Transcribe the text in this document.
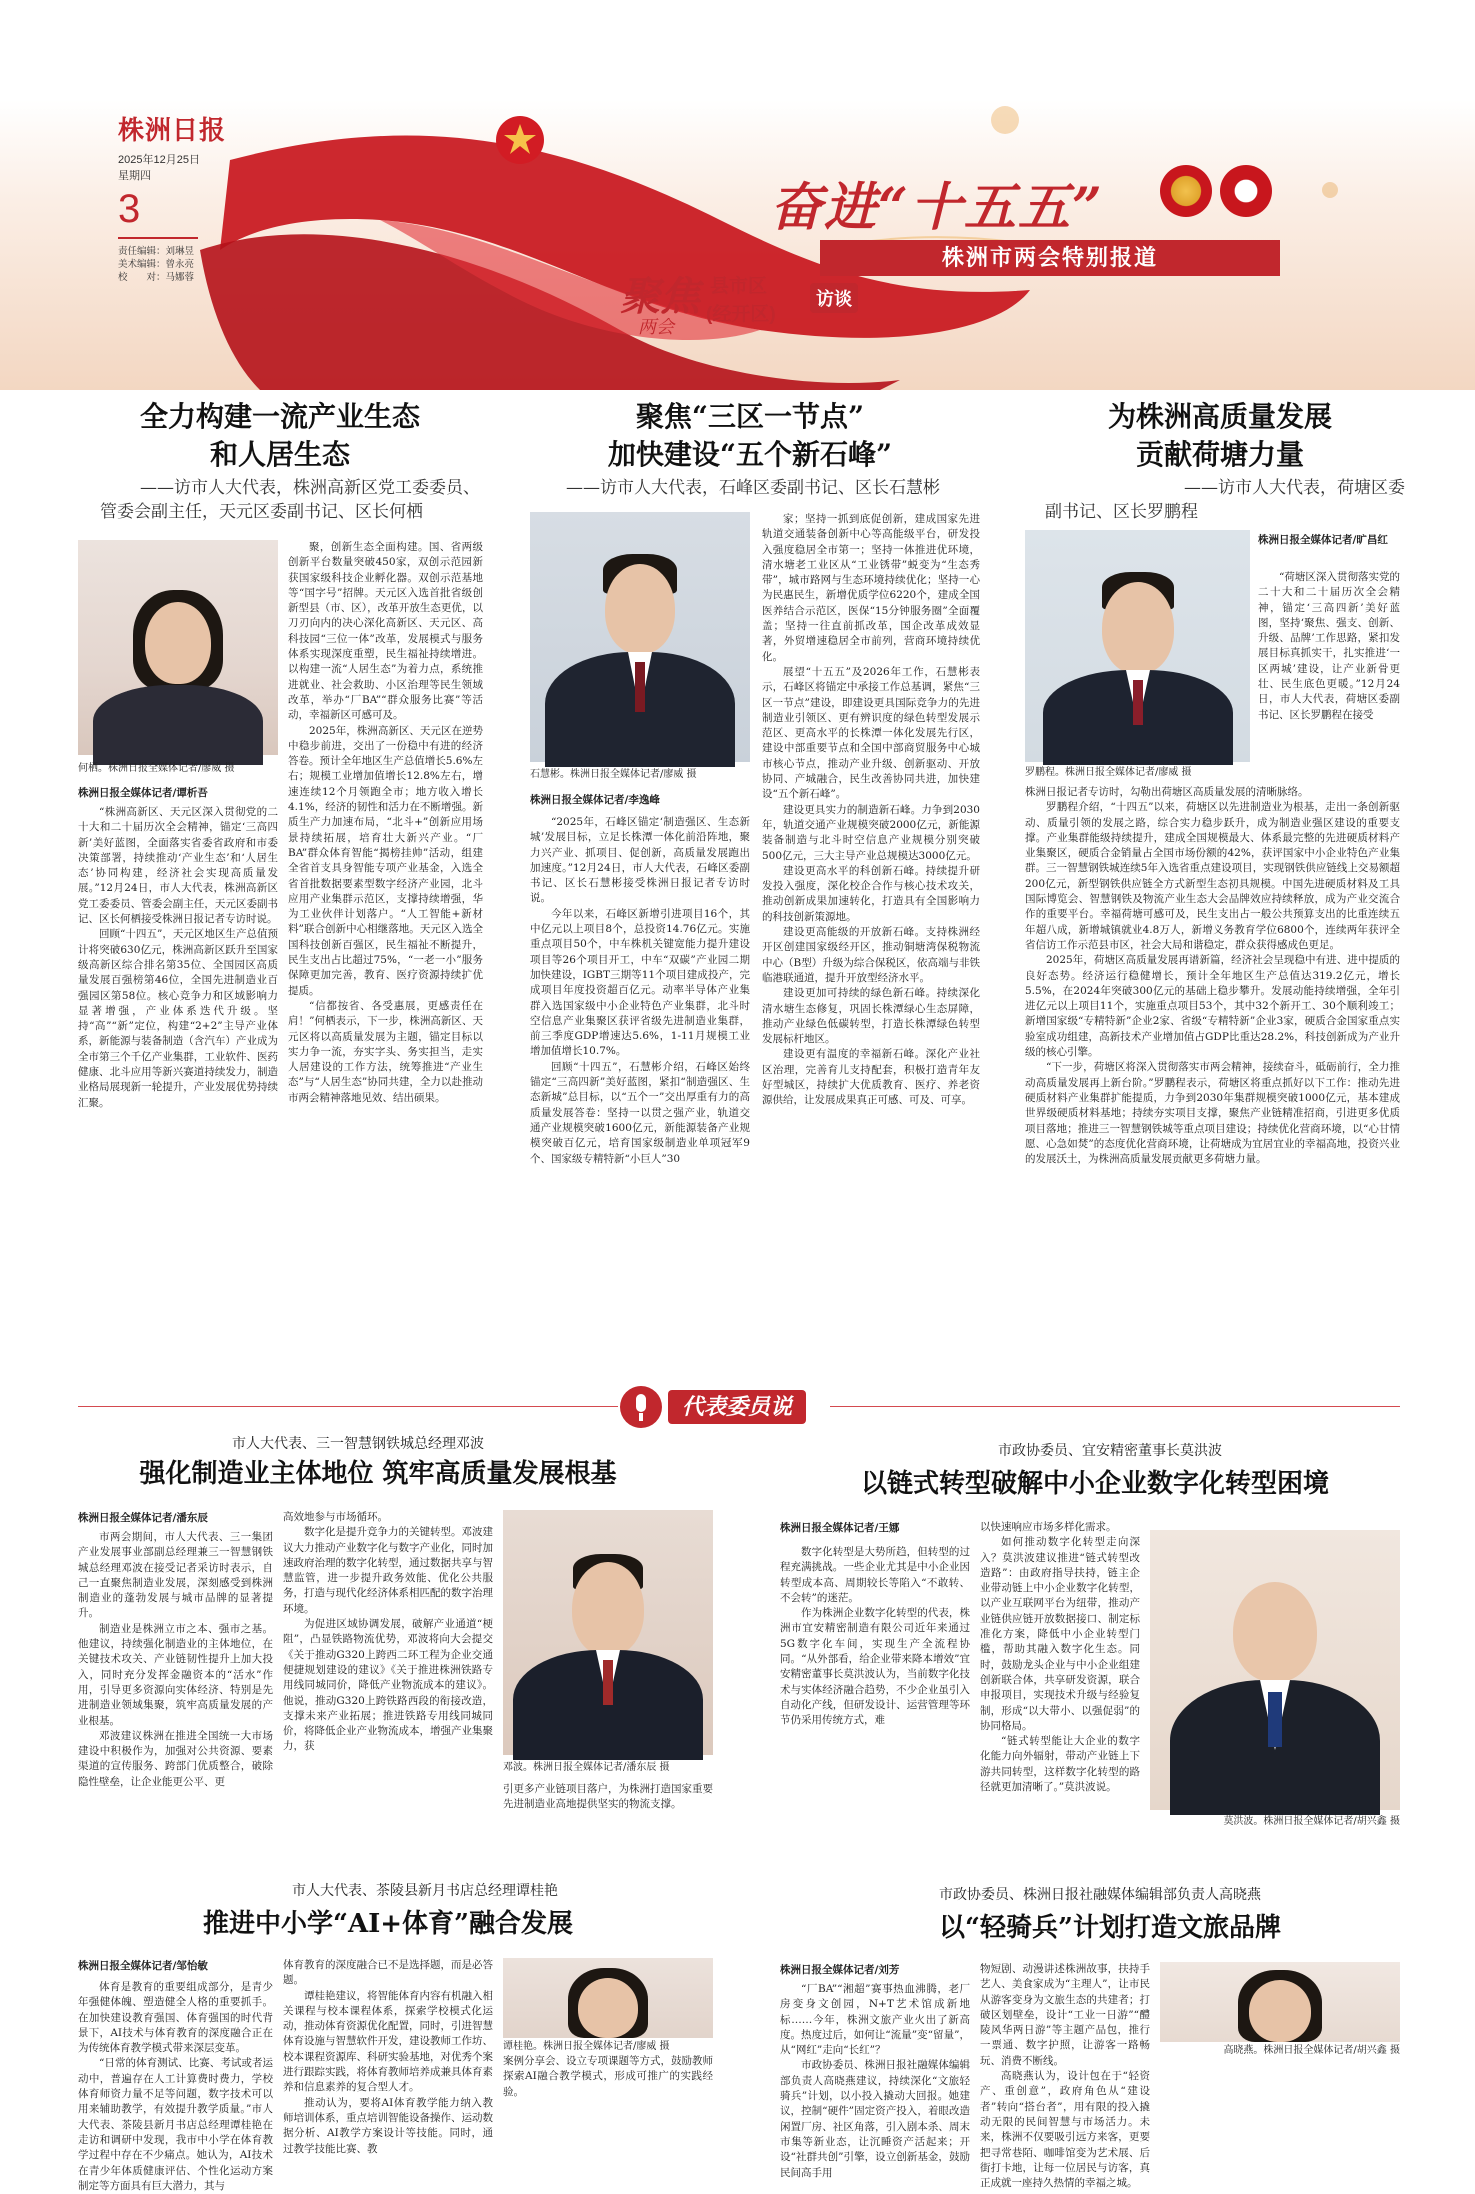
株洲日报
2025年12月25日
星期四
3
责任编辑：刘琳昱
美术编辑：曾永亮
校　　对：马娜蓉
奋进“十五五”
株洲市两会特别报道
聚焦
两会
县市区
(经开区)
访谈
全力构建一流产业生态
和人居生态
——访市人大代表，株洲高新区党工委委员、
管委会副主任，天元区委副书记、区长何栖
何栖。株洲日报全媒体记者/廖威 摄
株洲日报全媒体记者/谭析吾

“株洲高新区、天元区深入贯彻党的二十大和二十届历次全会精神，锚定‘三高四新’美好蓝图，全面落实省委省政府和市委决策部署，持续推动‘产业生态’和‘人居生态’协同构建，经济社会实现高质量发展。”12月24日，市人大代表，株洲高新区党工委委员、管委会副主任，天元区委副书记、区长何栖接受株洲日报记者专访时说。

回顾“十四五”，天元区地区生产总值预计将突破630亿元，株洲高新区跃升至国家级高新区综合排名第35位、全国园区高质量发展百强榜第46位，全国先进制造业百强园区第58位。核心竞争力和区域影响力显著增强，产业体系迭代升级。坚持“高”“新”定位，构建“2+2”主导产业体系，新能源与装备制造（含汽车）产业成为全市第三个千亿产业集群，工业软件、医药健康、北斗应用等新兴赛道持续发力，制造业格局展现新一轮提升，产业发展优势持续汇聚。

聚，创新生态全面构建。国、省两级创新平台数量突破450家，双创示范园新获国家级科技企业孵化器。双创示范基地等“国字号”招牌。天元区入选首批省级创新型县（市、区），改革开放生态更优，以刀刃向内的决心深化高新区、天元区、高科技园“三位一体”改革，发展模式与服务体系实现深度重塑，民生福祉持续增进。以构建一流“人居生态”为着力点，系统推进就业、社会救助、小区治理等民生领域改革，举办“厂BA”“群众服务比赛”等活动，幸福新区可感可及。

2025年，株洲高新区、天元区在逆势中稳步前进，交出了一份稳中有进的经济答卷。预计全年地区生产总值增长5.6%左右；规模工业增加值增长12.8%左右，增速连续12个月领跑全市；地方收入增长4.1%，经济的韧性和活力在不断增强。新质生产力加速布局，“北斗+”创新应用场景持续拓展，培育壮大新兴产业。“厂BA”群众体育智能“揭榜挂帅”活动，组建全省首支具身智能专项产业基金，入选全省首批数据要素型数字经济产业园，北斗应用产业集群示范区，支撑持续增强，华为工业伙伴计划落户。“人工智能+新材料”联合创新中心相继落地。天元区入选全国科技创新百强区，民生福祉不断提升，民生支出占比超过75%，“一老一小”服务保障更加完善，教育、医疗资源持续扩优提质。

“信都按省、各受惠展，更感责任在肩！”何栖表示，下一步，株洲高新区、天元区将以高质量发展为主题，锚定目标以实力争一流，夯实字头、务实担当，走实人居建设的工作方法，统筹推进“产业生态”与“人居生态”协同共建，全力以赴推动市两会精神落地见效、结出硕果。

聚焦“三区一节点”
加快建设“五个新石峰”
——访市人大代表，石峰区委副书记、区长石慧彬
石慧彬。株洲日报全媒体记者/廖威 摄
株洲日报全媒体记者/李逸峰

“2025年，石峰区锚定‘制造强区、生态新城’发展目标，立足长株潭一体化前沿阵地，聚力兴产业、抓项目、促创新，高质量发展跑出加速度。”12月24日，市人大代表，石峰区委副书记、区长石慧彬接受株洲日报记者专访时说。

今年以来，石峰区新增引进项目16个，其中亿元以上项目8个，总投资14.76亿元。实施重点项目50个，中车株机关键宽能力提升建设项目等26个项目开工，中车“双碳”产业园二期加快建设，IGBT三期等11个项目建成投产，完成项目年度投资超百亿元。动率半导体产业集群入选国家级中小企业特色产业集群，北斗时空信息产业集聚区获评省级先进制造业集群，前三季度GDP增速达5.6%，1-11月规模工业增加值增长10.7%。

回顾“十四五”，石慧彬介绍，石峰区始终锚定“三高四新”美好蓝图，紧扣“制造强区、生态新城”总目标，以“五个一”交出厚重有力的高质量发展答卷：坚持一以贯之强产业，轨道交通产业规模突破1600亿元，新能源装备产业规模突破百亿元，培育国家级制造业单项冠军9个、国家级专精特新“小巨人”30

家；坚持一抓到底促创新，建成国家先进轨道交通装备创新中心等高能级平台，研发投入强度稳居全市第一；坚持一体推进优环境，清水塘老工业区从“工业锈带”蜕变为“生态秀带”，城市路网与生态环境持续优化；坚持一心为民惠民生，新增优质学位6220个，建成全国医养结合示范区，医保“15分钟服务圈”全面覆盖；坚持一往直前抓改革，国企改革成效显著，外贸增速稳居全市前列，营商环境持续优化。

展望“十五五”及2026年工作，石慧彬表示，石峰区将锚定中承接工作总基调，紧焦“三区一节点”建设，即建设更具国际竞争力的先进制造业引领区、更有辨识度的绿色转型发展示范区、更高水平的长株潭一体化发展先行区，建设中部重要节点和全国中部商贸服务中心城市核心节点，推动产业升级、创新驱动、开放协同、产城融合，民生改善协同共进，加快建设“五个新石峰”。

建设更具实力的制造新石峰。力争到2030年，轨道交通产业规模突破2000亿元，新能源装备制造与北斗时空信息产业规模分别突破500亿元，三大主导产业总规模达3000亿元。

建设更高水平的科创新石峰。持续提升研发投入强度，深化校企合作与核心技术攻关，推动创新成果加速转化，打造具有全国影响力的科技创新策源地。

建设更高能级的开放新石峰。支持株洲经开区创建国家级经开区，推动铜塘湾保税物流中心（B型）升级为综合保税区，依高端与非铁临港联通道，提升开放型经济水平。

建设更加可持续的绿色新石峰。持续深化清水塘生态修复，巩固长株潭绿心生态屏障，推动产业绿色低碳转型，打造长株潭绿色转型发展标杆地区。

建设更有温度的幸福新石峰。深化产业社区治理，完善育儿支持配套，积极打造青年友好型城区，持续扩大优质教育、医疗、养老资源供给，让发展成果真正可感、可及、可享。

为株洲高质量发展
贡献荷塘力量
——访市人大代表，荷塘区委
副书记、区长罗鹏程
罗鹏程。株洲日报全媒体记者/廖威 摄
株洲日报全媒体记者/旷昌红

“荷塘区深入贯彻落实党的二十大和二十届历次全会精神，锚定‘三高四新’美好蓝图，坚持‘聚焦、强支、创新、升级、品牌’工作思路，紧扣发展目标真抓实干，扎实推进‘一区两城’建设，让产业新骨更壮、民生底色更暖。”12月24日，市人大代表，荷塘区委副书记、区长罗鹏程在接受

株洲日报记者专访时，勾勒出荷塘区高质量发展的清晰脉络。

罗鹏程介绍，“十四五”以来，荷塘区以先进制造业为根基，走出一条创新驱动、质量引领的发展之路，综合实力稳步跃升，成为制造业强区建设的重要支撑。产业集群能级持续提升，建成全国规模最大、体系最完整的先进硬质材料产业集聚区，硬质合金销量占全国市场份额的42%，获评国家中小企业特色产业集群。三一智慧钢铁城连续5年入选省重点建设项目，实现钢铁供应链线上交易额超200亿元，新型钢铁供应链全方式新型生态初具规模。中国先进硬质材料及工具国际博览会、智慧钢铁及物流产业生态大会品牌效应持续释放，成为产业交流合作的重要平台。幸福荷塘可感可及，民生支出占一般公共预算支出的比重连续五年超八成，新增城镇就业4.8万人，新增义务教育学位6800个，连续两年获评全省信访工作示范县市区，社会大局和谐稳定，群众获得感成色更足。

2025年，荷塘区高质量发展再谱新篇，经济社会呈现稳中有进、进中提质的良好态势。经济运行稳健增长，预计全年地区生产总值达319.2亿元，增长5.5%，在2024年突破300亿元的基础上稳步攀升。发展动能持续增强，全年引进亿元以上项目11个，实施重点项目53个，其中32个新开工、30个顺利竣工；新增国家级“专精特新”企业2家、省级“专精特新”企业3家，硬质合金国家重点实验室成功组建，高新技术产业增加值占GDP比重达28.2%，科技创新成为产业升级的核心引擎。

“下一步，荷塘区将深入贯彻落实市两会精神，接续奋斗，砥砺前行，全力推动高质量发展再上新台阶。”罗鹏程表示，荷塘区将重点抓好以下工作：推动先进硬质材料产业集群扩能提质，力争到2030年集群规模突破1000亿元，基本建成世界级硬质材料基地；持续夯实项目支撑，聚焦产业链精准招商，引进更多优质项目落地；推进三一智慧钢铁城等重点项目建设；持续优化营商环境，以“心甘情愿、心急如焚”的态度优化营商环境，让荷塘成为宜居宜业的幸福高地，投资兴业的发展沃土，为株洲高质量发展贡献更多荷塘力量。

代表委员说
市人大代表、三一智慧钢铁城总经理邓波
强化制造业主体地位 筑牢高质量发展根基
株洲日报全媒体记者/潘东辰

市两会期间，市人大代表、三一集团产业发展事业部副总经理兼三一智慧钢铁城总经理邓波在接受记者采访时表示，自己一直聚焦制造业发展，深刻感受到株洲制造业的蓬勃发展与城市品牌的显著提升。

制造业是株洲立市之本、强市之基。他建议，持续强化制造业的主体地位，在关键技术攻关、产业链韧性提升上加大投入，同时充分发挥金融资本的“活水”作用，引导更多资源向实体经济、特别是先进制造业领域集聚，筑牢高质量发展的产业根基。

邓波建议株洲在推进全国统一大市场建设中积极作为，加强对公共资源、要素渠道的宣传服务、跨部门优质整合，破除隐性壁垒，让企业能更公平、更

高效地参与市场循环。

数字化是提升竞争力的关键转型。邓波建议大力推动产业数字化与数字产业化，同时加速政府治理的数字化转型，通过数据共享与智慧监管，进一步提升政务效能、优化公共服务，打造与现代化经济体系相匹配的数字治理环境。

为促进区域协调发展，破解产业通道“梗阻”，凸显铁路物流优势，邓波将向大会提交《关于推动G320上跨西二环工程为企业交通便捷规划建设的建议》《关于推进株洲铁路专用线同城同价，降低产业物流成本的建议》。他说，推动G320上跨铁路西段的衔接改造，支撑未来产业拓展；推进铁路专用线同城同价，将降低企业产业物流成本，增强产业集聚力，获

邓波。株洲日报全媒体记者/潘东辰 摄

引更多产业链项目落户，为株洲打造国家重要先进制造业高地提供坚实的物流支撑。

市政协委员、宜安精密董事长莫洪波
以链式转型破解中小企业数字化转型困境
株洲日报全媒体记者/王娜

数字化转型是大势所趋，但转型的过程充满挑战。一些企业尤其是中小企业因转型成本高、周期较长等陷入“不敢转、不会转”的迷茫。

作为株洲企业数字化转型的代表，株洲市宜安精密制造有限公司近年来通过5G数字化车间，实现生产全流程协同。“从外部看，给企业带来降本增效”宜安精密董事长莫洪波认为，当前数字化技术与实体经济融合趋势，不少企业虽引入自动化产线，但研发设计、运营管理等环节仍采用传统方式，难

以快速响应市场多样化需求。

如何推动数字化转型走向深入？莫洪波建议推进“链式转型改造路”：由政府指导扶持，链主企业带动链上中小企业数字化转型，以产业互联网平台为纽带，推动产业链供应链开放数据接口、制定标准化方案，降低中小企业转型门槛，帮助其融入数字化生态。同时，鼓励龙头企业与中小企业组建创新联合体，共享研发资源，联合申报项目，实现技术升级与经验复制，形成“以大带小、以强促弱”的协同格局。

“链式转型能让大企业的数字化能力向外辐射，带动产业链上下游共同转型，这样数字化转型的路径就更加清晰了。”莫洪波说。

莫洪波。株洲日报全媒体记者/胡兴鑫 摄
市人大代表、茶陵县新月书店总经理谭桂艳
推进中小学“AI+体育”融合发展
株洲日报全媒体记者/邹怡敏

体育是教育的重要组成部分，是青少年强健体魄、塑造健全人格的重要抓手。在加快建设教育强国、体育强国的时代背景下，AI技术与体育教育的深度融合正在为传统体育教学模式带来深层变革。

“日常的体育测试、比赛、考试或者运动中，普遍存在人工计算费时费力，学校体育师资力量不足等问题，数字技术可以用来辅助教学，有效提升教学质量。”市人大代表、茶陵县新月书店总经理谭桂艳在走访和调研中发现，我市中小学在体育教学过程中存在不少痛点。她认为，AI技术在青少年体质健康评估、个性化运动方案制定等方面具有巨大潜力，其与

体育教育的深度融合已不是选择题，而是必答题。

谭桂艳建议，将智能体育内容有机融入相关课程与校本课程体系，探索学校模式化运动，推动体育资源优化配置，同时，引进智慧体育设施与智慧软件开发，建设教师工作坊、校本课程资源库、科研实验基地，对优秀个案进行跟踪实践，将体育教师培养成兼具体育素养和信息素养的复合型人才。

推动认为，要将AI体育教学能力纳入教师培训体系，重点培训智能设备操作、运动数据分析、AI教学方案设计等技能。同时，通过教学技能比赛、教

谭桂艳。株洲日报全媒体记者/廖威 摄

案例分享会、设立专项课题等方式，鼓励教师探索AI融合教学模式，形成可推广的实践经验。

市政协委员、株洲日报社融媒体编辑部负责人高晓燕
以“轻骑兵”计划打造文旅品牌
株洲日报全媒体记者/刘芳

“厂BA”“湘超”赛事热血沸腾，老厂房变身文创园，N+T艺术馆成新地标……今年，株洲文旅产业火出了新高度。热度过后，如何让“流量”变“留量”，从“网红”走向“长红”？

市政协委员、株洲日报社融媒体编辑部负责人高晓燕建议，持续深化“文旅轻骑兵”计划，以小投入撬动大回报。她建议，控制“硬件”固定资产投入，着眼改造闲置厂房、社区角落，引入剧本杀、周末市集等新业态，让沉睡资产活起来；开设“社群共创”引擎，设立创新基金，鼓励民间高手用

物短剧、动漫讲述株洲故事，扶持手艺人、美食家成为“主理人”，让市民从游客变身为文旅生态的共建者；打破区划壁垒，设计“工业一日游”“醴陵风华两日游”等主题产品包，推行一票通、数字护照，让游客一路畅玩、消费不断线。

高晓燕认为，设计包在于“轻资产、重创意”，政府角色从“建设者”转向“搭台者”，用有限的投入撬动无限的民间智慧与市场活力。未来，株洲不仅要吸引远方来客，更要把寻常巷陌、咖啡馆变为艺术展、后街打卡地，让每一位居民与访客，真正成就一座持久热情的幸福之城。

高晓燕。株洲日报全媒体记者/胡兴鑫 摄
